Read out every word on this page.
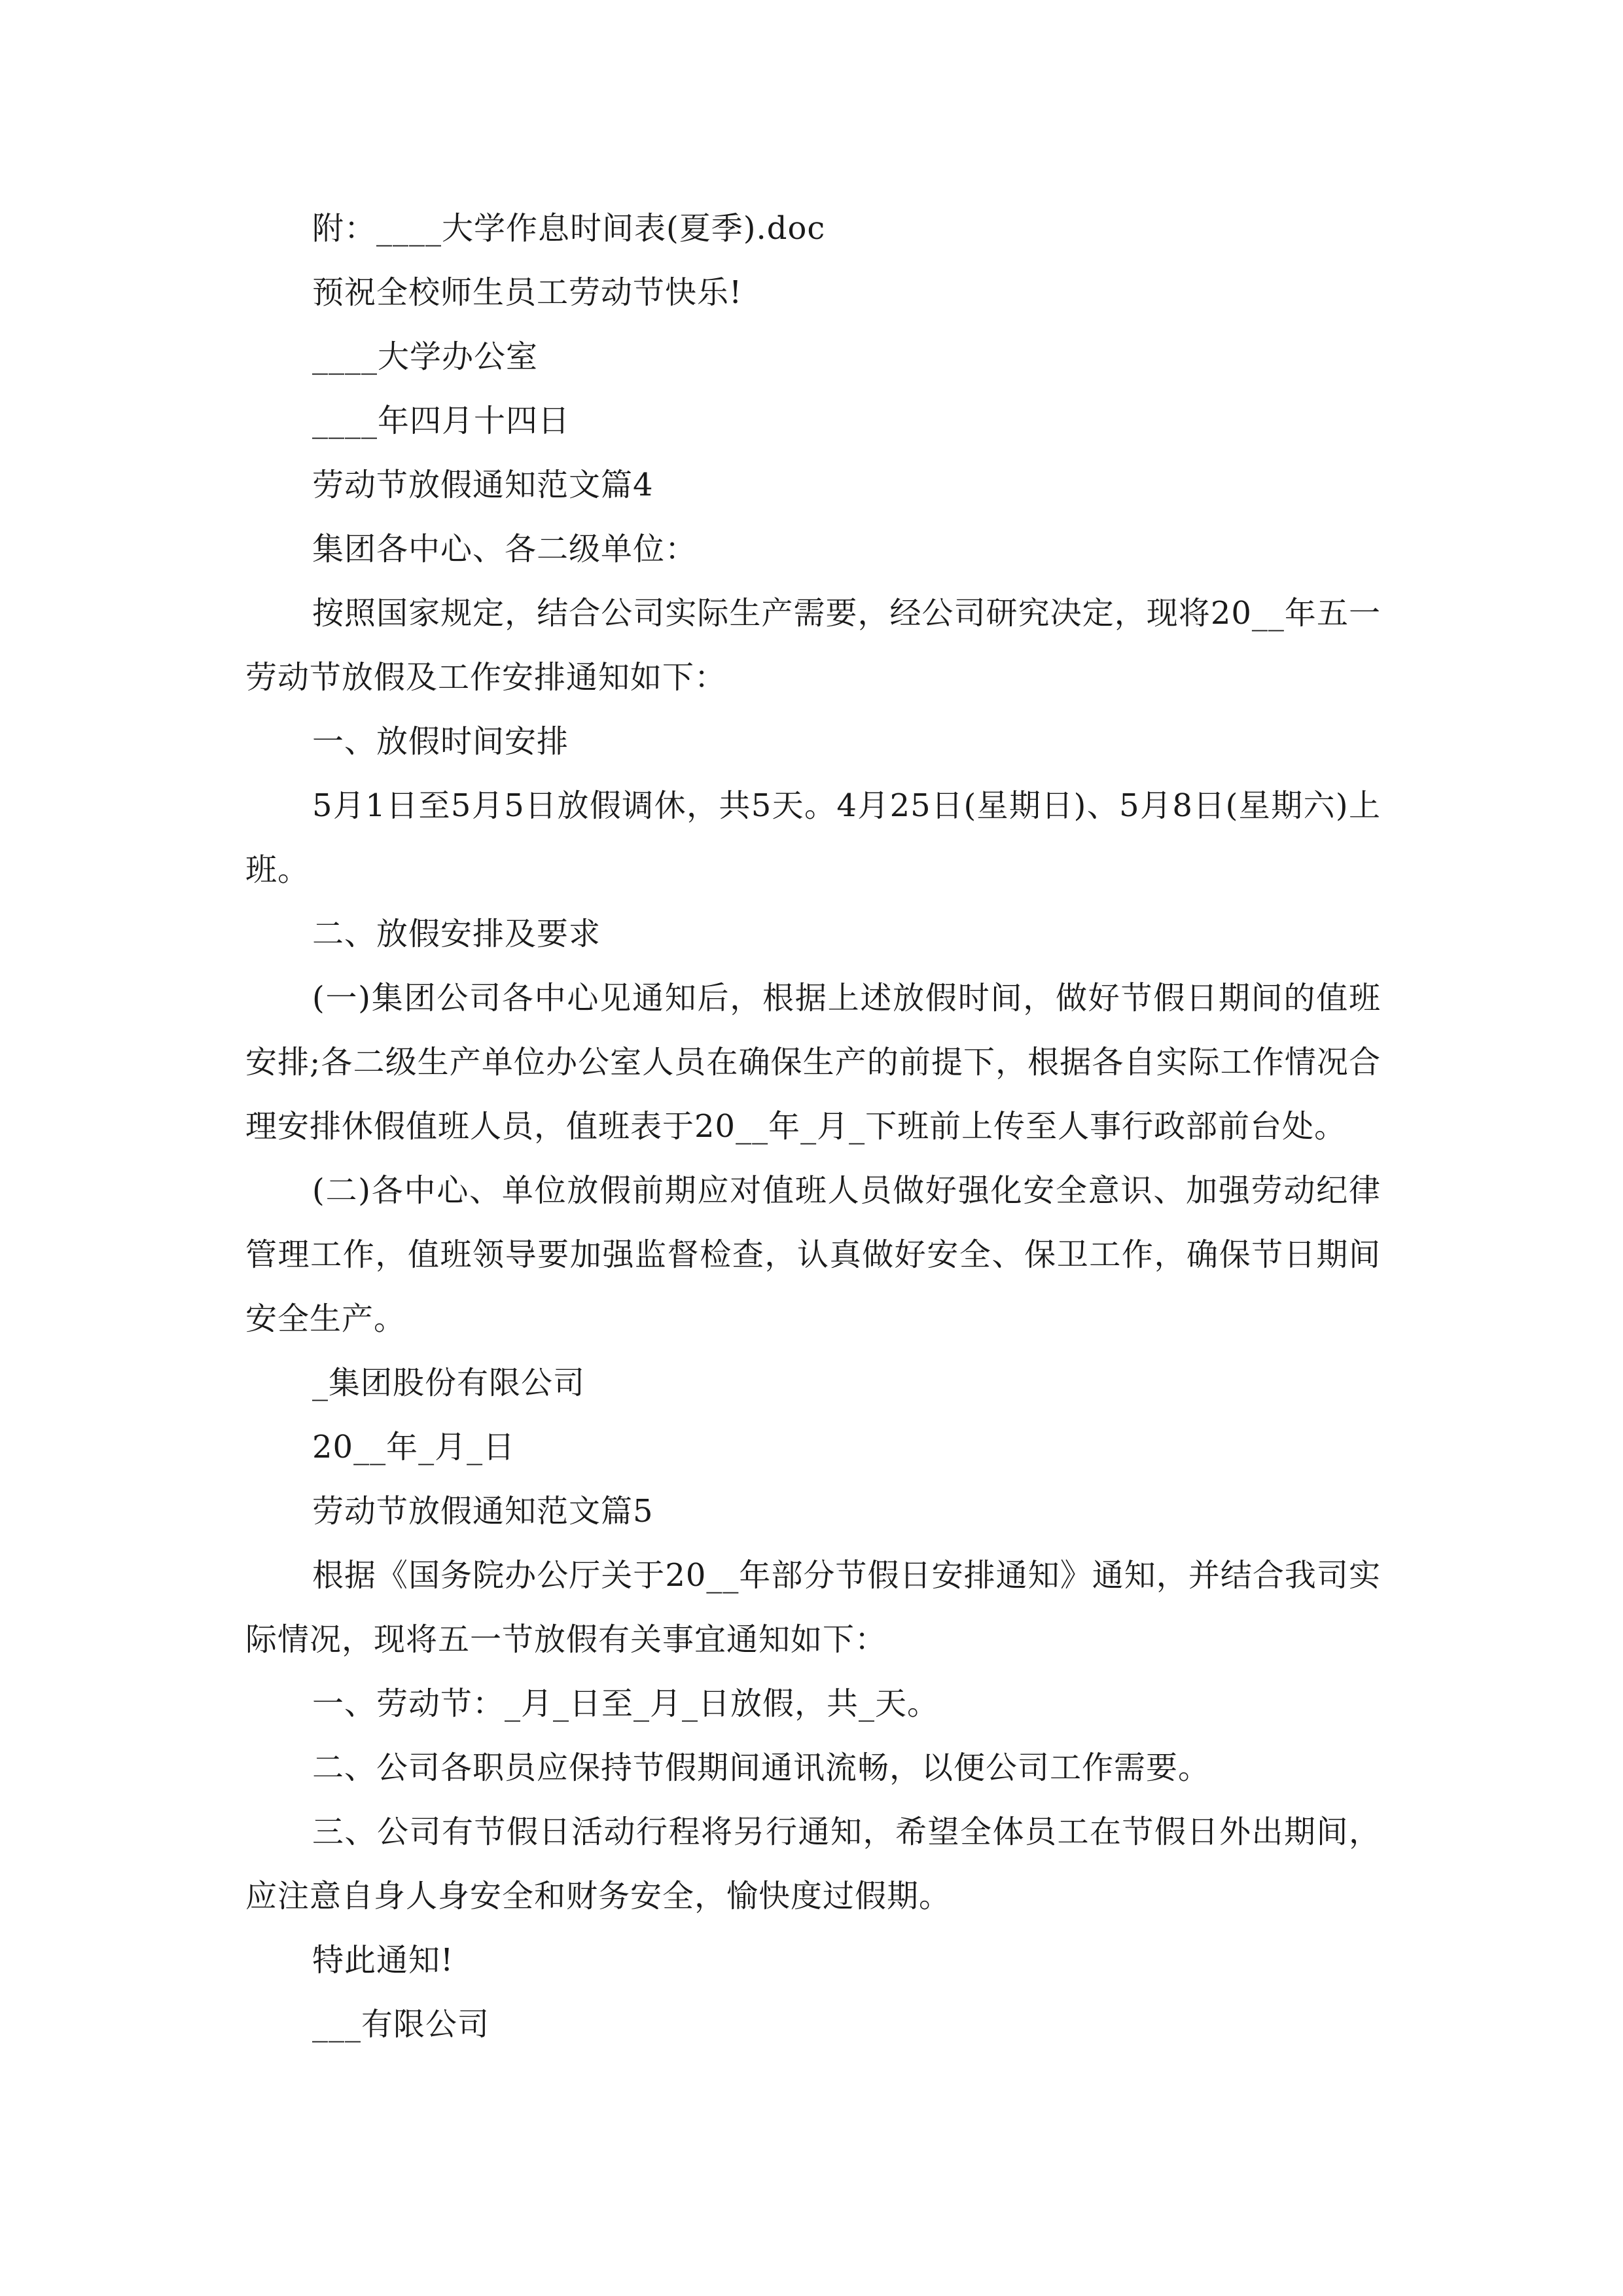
附：____大学作息时间表(夏季).doc

预祝全校师生员工劳动节快乐!

____大学办公室

____年四月十四日

劳动节放假通知范文篇4

集团各中心、各二级单位：

按照国家规定，结合公司实际生产需要，经公司研究决定，现将20__年五一劳动节放假及工作安排通知如下：

一、放假时间安排

5月1日至5月5日放假调休，共5天。4月25日(星期日)、5月8日(星期六)上班。

二、放假安排及要求

(一)集团公司各中心见通知后，根据上述放假时间，做好节假日期间的值班安排;各二级生产单位办公室人员在确保生产的前提下，根据各自实际工作情况合理安排休假值班人员，值班表于20__年_月_下班前上传至人事行政部前台处。

(二)各中心、单位放假前期应对值班人员做好强化安全意识、加强劳动纪律管理工作，值班领导要加强监督检查，认真做好安全、保卫工作，确保节日期间安全生产。

_集团股份有限公司

20__年_月_日

劳动节放假通知范文篇5

根据《国务院办公厅关于20__年部分节假日安排通知》通知，并结合我司实际情况，现将五一节放假有关事宜通知如下：

一、劳动节：_月_日至_月_日放假，共_天。

二、公司各职员应保持节假期间通讯流畅，以便公司工作需要。

三、公司有节假日活动行程将另行通知，希望全体员工在节假日外出期间，应注意自身人身安全和财务安全，愉快度过假期。

特此通知!

___有限公司
